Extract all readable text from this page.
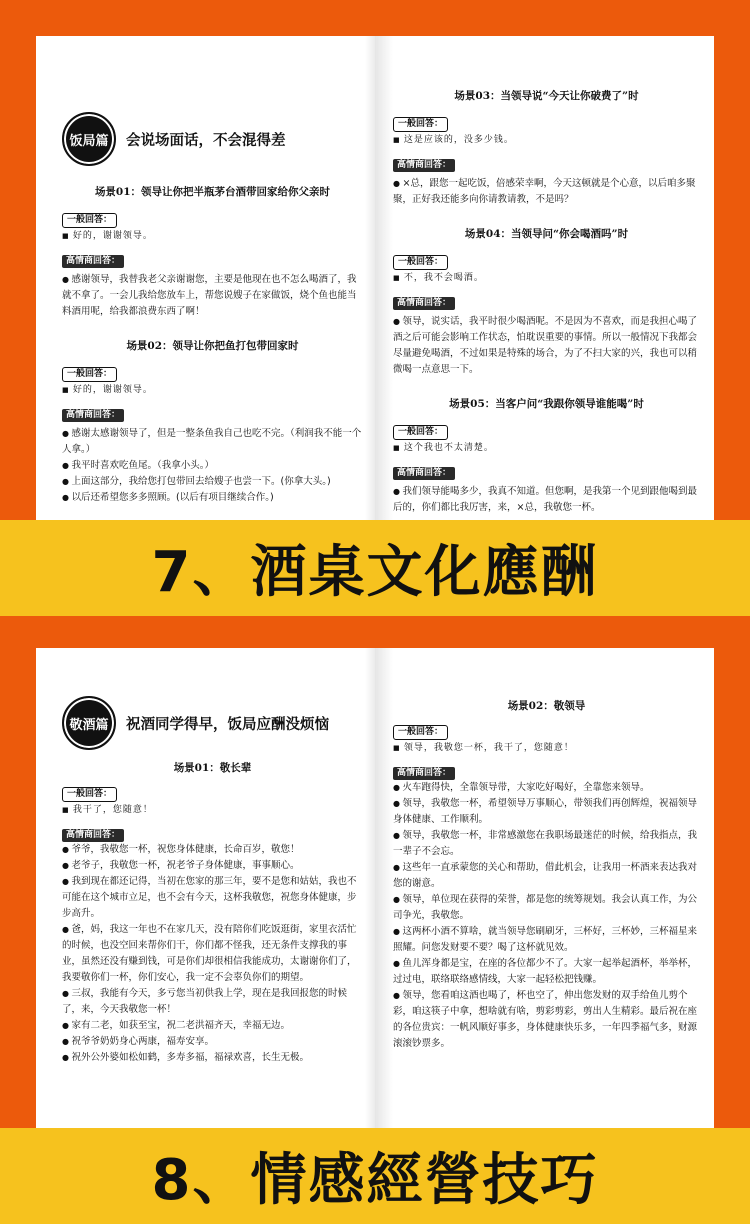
饭局篇	会说场面话，不会混得差
场景01：领导让你把半瓶茅台酒带回家给你父亲时
一般回答：

■ 好的，谢谢领导。

高情商回答：

● 感谢领导，我替我老父亲谢谢您，主要是他现在也不怎么喝酒了，我就不拿了。一会儿我给您放车上，帮您说嫂子在家做饭，烧个鱼也能当料酒用呢，给我都浪费东西了啊！

场景02：领导让你把鱼打包带回家时
一般回答：

■ 好的，谢谢领导。

高情商回答：

● 感谢太感谢领导了，但是一整条鱼我自己也吃不完。（利润我不能一个人拿。）

● 我平时喜欢吃鱼尾。（我拿小头。）

● 上面这部分，我给您打包带回去给嫂子也尝一下。(你拿大头。)

● 以后还希望您多多照顾。(以后有项目继续合作。)

场景03：当领导说“今天让你破费了”时
一般回答：

■ 这是应该的，没多少钱。

高情商回答：

● ×总，跟您一起吃饭，倍感荣幸啊，今天这顿就是个心意，以后咱多聚聚，正好我还能多向你请教请教，不是吗？

场景04：当领导问“你会喝酒吗”时
一般回答：

■ 不，我不会喝酒。

高情商回答：

● 领导，说实话，我平时很少喝酒呢。不是因为不喜欢，而是我担心喝了酒之后可能会影响工作状态，怕耽误重要的事情。所以一般情况下我都会尽量避免喝酒，不过如果是特殊的场合，为了不扫大家的兴，我也可以稍微喝一点意思一下。

场景05：当客户问“我跟你领导谁能喝”时
一般回答：

■ 这个我也不太清楚。

高情商回答：

● 我们领导能喝多少，我真不知道。但您啊，是我第一个见到跟他喝到最后的，你们都比我厉害，来，×总，我敬您一杯。

7、酒桌文化應酬
敬酒篇	祝酒同学得早，饭局应酬没烦恼
场景01：敬长辈
一般回答：

■ 我干了，您随意！

高情商回答：

● 爷爷，我敬您一杯，祝您身体健康，长命百岁，敬您！

● 老爷子，我敬您一杯，祝老爷子身体健康，事事顺心。

● 我到现在都还记得，当初在您家的那三年，要不是您和姑姑，我也不可能在这个城市立足，也不会有今天，这杯我敬您，祝您身体健康，步步高升。

● 爸，妈，我这一年也不在家几天，没有陪你们吃饭逛街，家里衣活忙的时候，也没空回来帮你们干，你们都不怪我，还无条件支撑我的事业，虽然还没有赚到钱，可是你们却很相信我能成功，太谢谢你们了，我要敬你们一杯，你们安心，我一定不会辜负你们的期望。

● 三叔，我能有今天，多亏您当初供我上学，现在是我回报您的时候了，来，今天我敬您一杯！

● 家有二老，如获至宝，祝二老洪福齐天，幸福无边。

● 祝爷爷奶奶身心两康，福寿安享。

● 祝外公外婆如松如鹤，多寿多福，福禄欢喜，长生无极。

场景02：敬领导
一般回答：

■ 领导，我敬您一杯，我干了，您随意！

高情商回答：

● 火车跑得快，全靠领导带，大家吃好喝好，全靠您来领导。

● 领导，我敬您一杯，希望领导万事顺心，带领我们再创辉煌，祝福领导身体健康、工作顺利。

● 领导，我敬您一杯，非常感激您在我职场最迷茫的时候，给我指点，我一辈子不会忘。

● 这些年一直承蒙您的关心和帮助，借此机会，让我用一杯酒来表达我对您的谢意。

● 领导，单位现在获得的荣誉，都是您的统筹规划。我会认真工作，为公司争光，我敬您。

● 这两杯小酒不算啥，就当领导您刷刷牙，三杯好，三杯妙，三杯福星来照耀。问您发财要不要？喝了这杯就见效。

● 鱼儿浑身都是宝，在座的各位都少不了。大家一起举起酒杯，举举杯，过过电，联络联络感情线，大家一起轻松把钱赚。

● 领导，您看咱这酒也喝了，杯也空了，伸出您发财的双手给鱼儿剪个彩，咱这筷子中拿，想啥就有啥，剪彩剪彩，剪出人生精彩。最后祝在座的各位贵宾：一帆风顺好事多，身体健康快乐多，一年四季福气多，财源滚滚钞票多。

8、情感經營技巧
